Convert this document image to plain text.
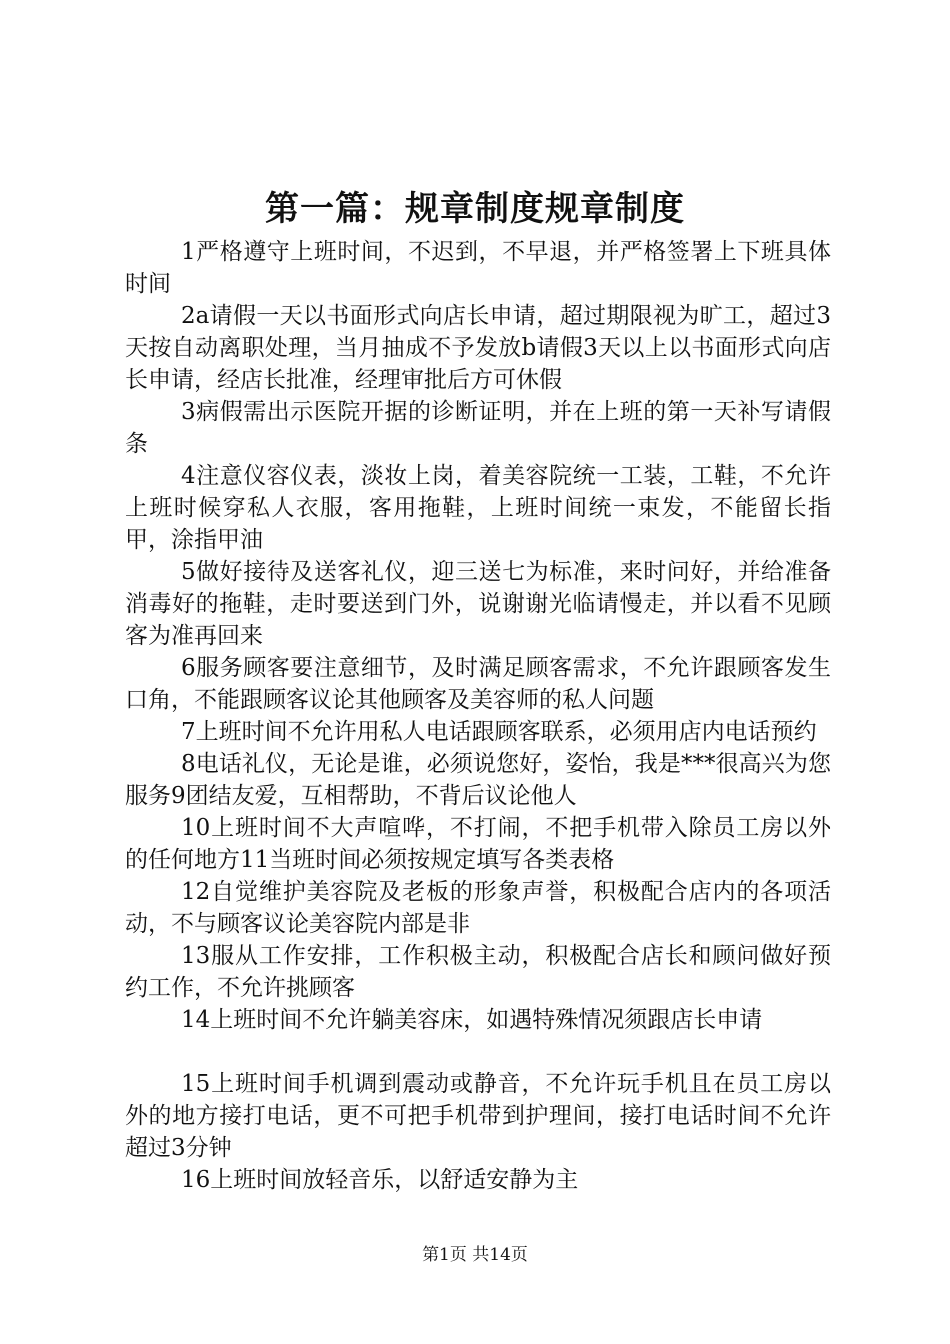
第一篇：规章制度规章制度

1严格遵守上班时间，不迟到，不早退，并严格签署上下班具体时间

2a请假一天以书面形式向店长申请，超过期限视为旷工，超过3天按自动离职处理，当月抽成不予发放b请假3天以上以书面形式向店长申请，经店长批准，经理审批后方可休假

3病假需出示医院开据的诊断证明，并在上班的第一天补写请假条

4注意仪容仪表，淡妆上岗，着美容院统一工装，工鞋，不允许上班时候穿私人衣服，客用拖鞋，上班时间统一束发，不能留长指甲，涂指甲油

5做好接待及送客礼仪，迎三送七为标准，来时问好，并给准备消毒好的拖鞋，走时要送到门外，说谢谢光临请慢走，并以看不见顾客为准再回来

6服务顾客要注意细节，及时满足顾客需求，不允许跟顾客发生口角，不能跟顾客议论其他顾客及美容师的私人问题

7上班时间不允许用私人电话跟顾客联系，必须用店内电话预约

8电话礼仪，无论是谁，必须说您好，姿怡，我是***很高兴为您服务9团结友爱，互相帮助，不背后议论他人

10上班时间不大声喧哗，不打闹，不把手机带入除员工房以外的任何地方11当班时间必须按规定填写各类表格

12自觉维护美容院及老板的形象声誉，积极配合店内的各项活动，不与顾客议论美容院内部是非

13服从工作安排，工作积极主动，积极配合店长和顾问做好预约工作，不允许挑顾客

14上班时间不允许躺美容床，如遇特殊情况须跟店长申请

15上班时间手机调到震动或静音，不允许玩手机且在员工房以外的地方接打电话，更不可把手机带到护理间，接打电话时间不允许超过3分钟

16上班时间放轻音乐，以舒适安静为主

第1页 共14页
